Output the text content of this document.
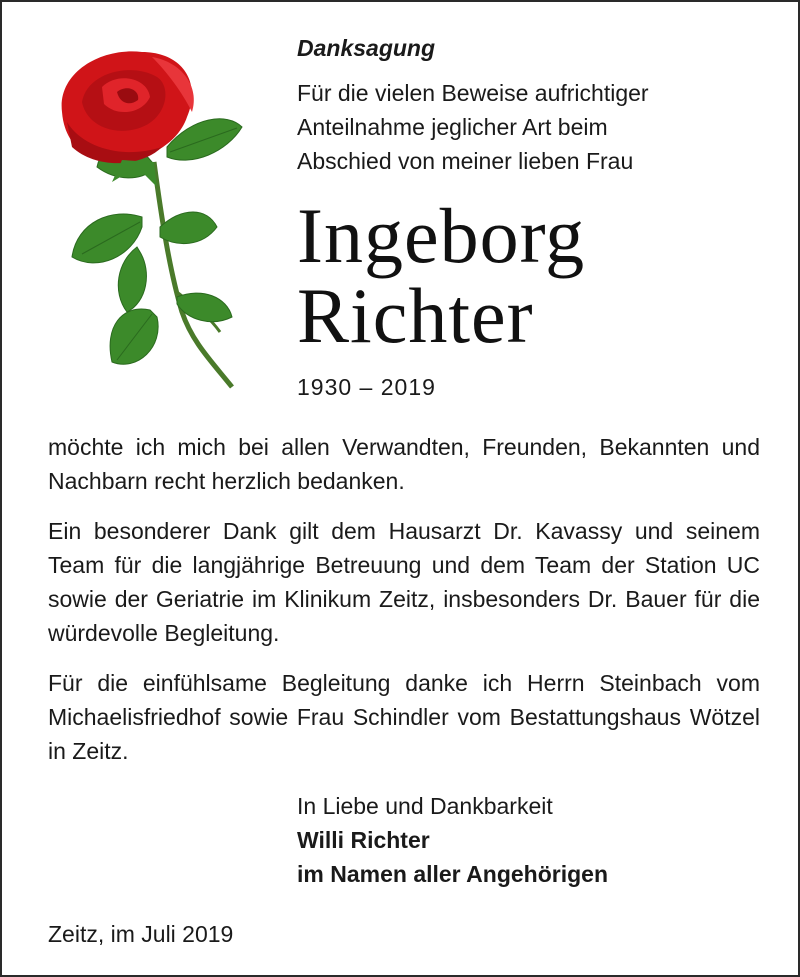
Danksagung
Für die vielen Beweise aufrichtiger
Anteilnahme jeglicher Art beim
Abschied von meiner lieben Frau
Ingeborg
Richter
1930 – 2019

möchte ich mich bei allen Verwandten, Freunden, Bekannten und Nachbarn recht herzlich bedanken.

Ein besonderer Dank gilt dem Hausarzt Dr. Kavassy und seinem Team für die langjährige Betreuung und dem Team der Station UC sowie der Geriatrie im Klinikum Zeitz, insbesonders Dr. Bauer für die würdevolle Begleitung.

Für die einfühlsame Begleitung danke ich Herrn Steinbach vom Michaelisfriedhof sowie Frau Schindler vom Bestattungshaus Wötzel in Zeitz.

In Liebe und Dankbarkeit
Willi Richter
im Namen aller Angehörigen
Zeitz, im Juli 2019
